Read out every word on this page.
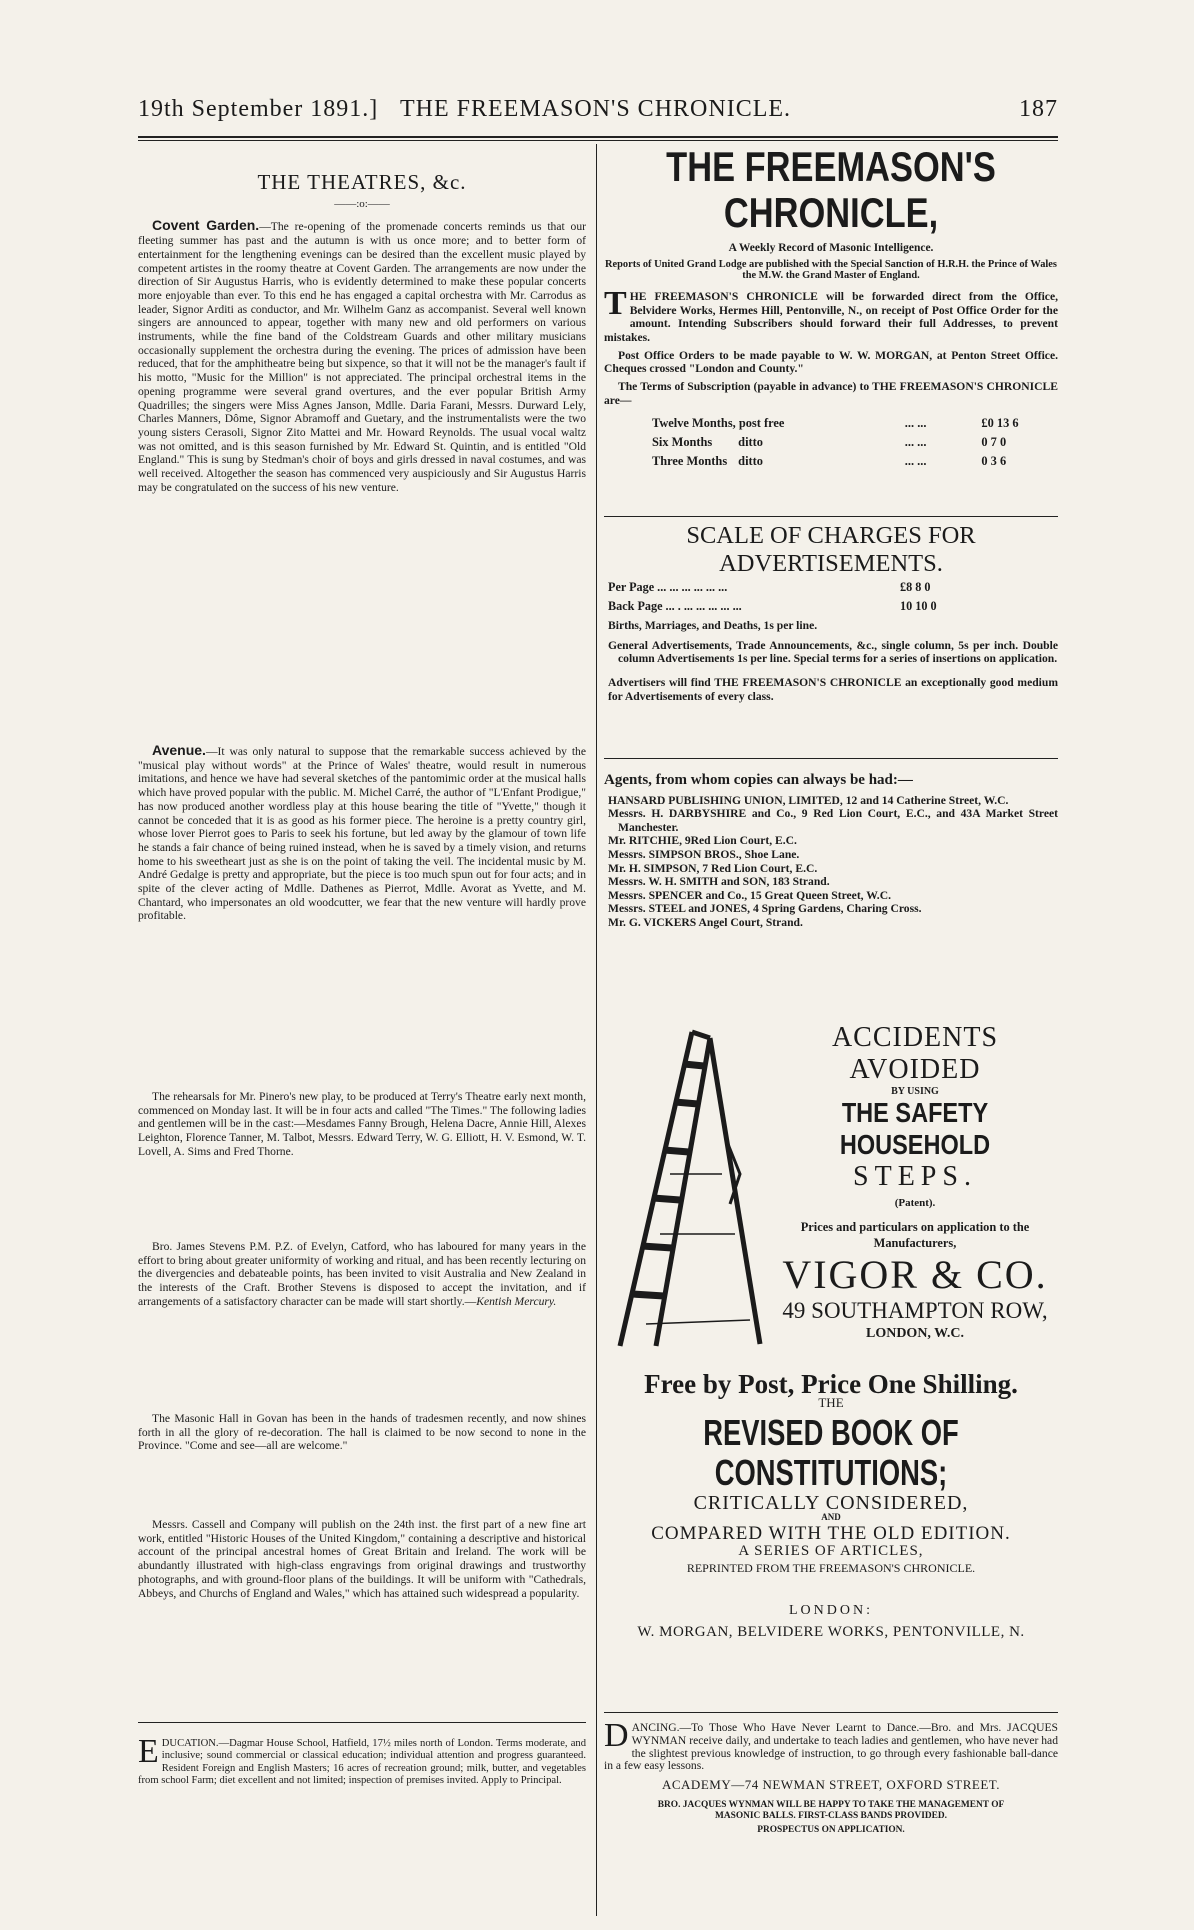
19th September 1891.] THE FREEMASON'S CHRONICLE.	187
THE THEATRES, &c.
——:o:——

Covent Garden.—The re-opening of the promenade concerts reminds us that our fleeting summer has past and the autumn is with us once more; and to better form of entertainment for the lengthening evenings can be desired than the excellent music played by competent artistes in the roomy theatre at Covent Garden. The arrangements are now under the direction of Sir Augustus Harris, who is evidently determined to make these popular concerts more enjoyable than ever. To this end he has engaged a capital orchestra with Mr. Carrodus as leader, Signor Arditi as conductor, and Mr. Wilhelm Ganz as accompanist. Several well known singers are announced to appear, together with many new and old performers on various instruments, while the fine band of the Coldstream Guards and other military musicians occasionally supplement the orchestra during the evening. The prices of admission have been reduced, that for the amphitheatre being but sixpence, so that it will not be the manager's fault if his motto, "Music for the Million" is not appreciated. The principal orchestral items in the opening programme were several grand overtures, and the ever popular British Army Quadrilles; the singers were Miss Agnes Janson, Mdlle. Daria Farani, Messrs. Durward Lely, Charles Manners, Dôme, Signor Abramoff and Guetary, and the instrumentalists were the two young sisters Cerasoli, Signor Zito Mattei and Mr. Howard Reynolds. The usual vocal waltz was not omitted, and is this season furnished by Mr. Edward St. Quintin, and is entitled "Old England." This is sung by Stedman's choir of boys and girls dressed in naval costumes, and was well received. Altogether the season has commenced very auspiciously and Sir Augustus Harris may be congratulated on the success of his new venture.

Avenue.—It was only natural to suppose that the remarkable success achieved by the "musical play without words" at the Prince of Wales' theatre, would result in numerous imitations, and hence we have had several sketches of the pantomimic order at the musical halls which have proved popular with the public. M. Michel Carré, the author of "L'Enfant Prodigue," has now produced another wordless play at this house bearing the title of "Yvette," though it cannot be conceded that it is as good as his former piece. The heroine is a pretty country girl, whose lover Pierrot goes to Paris to seek his fortune, but led away by the glamour of town life he stands a fair chance of being ruined instead, when he is saved by a timely vision, and returns home to his sweetheart just as she is on the point of taking the veil. The incidental music by M. André Gedalge is pretty and appropriate, but the piece is too much spun out for four acts; and in spite of the clever acting of Mdlle. Dathenes as Pierrot, Mdlle. Avorat as Yvette, and M. Chantard, who impersonates an old woodcutter, we fear that the new venture will hardly prove profitable.

The rehearsals for Mr. Pinero's new play, to be produced at Terry's Theatre early next month, commenced on Monday last. It will be in four acts and called "The Times." The following ladies and gentlemen will be in the cast:—Mesdames Fanny Brough, Helena Dacre, Annie Hill, Alexes Leighton, Florence Tanner, M. Talbot, Messrs. Edward Terry, W. G. Elliott, H. V. Esmond, W. T. Lovell, A. Sims and Fred Thorne.

Bro. James Stevens P.M. P.Z. of Evelyn, Catford, who has laboured for many years in the effort to bring about greater uniformity of working and ritual, and has been recently lecturing on the divergencies and debateable points, has been invited to visit Australia and New Zealand in the interests of the Craft. Brother Stevens is disposed to accept the invitation, and if arrangements of a satisfactory character can be made will start shortly.—Kentish Mercury.

The Masonic Hall in Govan has been in the hands of tradesmen recently, and now shines forth in all the glory of re-decoration. The hall is claimed to be now second to none in the Province. "Come and see—all are welcome."

Messrs. Cassell and Company will publish on the 24th inst. the first part of a new fine art work, entitled "Historic Houses of the United Kingdom," containing a descriptive and historical account of the principal ancestral homes of Great Britain and Ireland. The work will be abundantly illustrated with high-class engravings from original drawings and trustworthy photographs, and with ground-floor plans of the buildings. It will be uniform with "Cathedrals, Abbeys, and Churchs of England and Wales," which has attained such widespread a popularity.

EDUCATION.—Dagmar House School, Hatfield, 17½ miles north of London. Terms moderate, and inclusive; sound commercial or classical education; individual attention and progress guaranteed. Resident Foreign and English Masters; 16 acres of recreation ground; milk, butter, and vegetables from school Farm; diet excellent and not limited; inspection of premises invited. Apply to Principal.

THE FREEMASON'S CHRONICLE,
A Weekly Record of Masonic Intelligence.
Reports of United Grand Lodge are published with the Special Sanction of H.R.H. the Prince of Wales the M.W. the Grand Master of England.

THE FREEMASON'S CHRONICLE will be forwarded direct from the Office, Belvidere Works, Hermes Hill, Pentonville, N., on receipt of Post Office Order for the amount. Intending Subscribers should forward their full Addresses, to prevent mistakes.

Post Office Orders to be made payable to W. W. MORGAN, at Penton Street Office. Cheques crossed "London and County."

The Terms of Subscription (payable in advance) to THE FREEMASON'S CHRONICLE are—

Twelve Months, post free	... ...	£0 13 6
Six Months	ditto	... ...	0 7 0
Three Months ditto	... ...	0 3 6
SCALE OF CHARGES FOR ADVERTISEMENTS.
Per Page ... ... ... ... ... ...	£8 8 0
Back Page ... . ... ... ... ... ...	10 10 0

Births, Marriages, and Deaths, 1s per line.

General Advertisements, Trade Announcements, &c., single column, 5s per inch. Double column Advertisements 1s per line. Special terms for a series of insertions on application.

Advertisers will find THE FREEMASON'S CHRONICLE an exceptionally good medium for Advertisements of every class.

Agents, from whom copies can always be had:—

HANSARD PUBLISHING UNION, LIMITED, 12 and 14 Catherine Street, W.C.

Messrs. H. DARBYSHIRE and Co., 9 Red Lion Court, E.C., and 43A Market Street Manchester.

Mr. RITCHIE, 9Red Lion Court, E.C.

Messrs. SIMPSON BROS., Shoe Lane.

Mr. H. SIMPSON, 7 Red Lion Court, E.C.

Messrs. W. H. SMITH and SON, 183 Strand.

Messrs. SPENCER and Co., 15 Great Queen Street, W.C.

Messrs. STEEL and JONES, 4 Spring Gardens, Charing Cross.

Mr. G. VICKERS Angel Court, Strand.

ACCIDENTS AVOIDED
BY USING
THE SAFETY HOUSEHOLD
STEPS.
(Patent).
Prices and particulars on application to the Manufacturers,
VIGOR & CO.
49 SOUTHAMPTON ROW,
LONDON, W.C.
Free by Post, Price One Shilling.
THE
REVISED BOOK OF CONSTITUTIONS;
CRITICALLY CONSIDERED,
AND
COMPARED WITH THE OLD EDITION.
A SERIES OF ARTICLES,
REPRINTED FROM THE FREEMASON'S CHRONICLE.
LONDON:
W. MORGAN, BELVIDERE WORKS, PENTONVILLE, N.

DANCING.—To Those Who Have Never Learnt to Dance.—Bro. and Mrs. JACQUES WYNMAN receive daily, and undertake to teach ladies and gentlemen, who have never had the slightest previous knowledge of instruction, to go through every fashionable ball-dance in a few easy lessons.

ACADEMY—74 NEWMAN STREET, OXFORD STREET.
BRO. JACQUES WYNMAN WILL BE HAPPY TO TAKE THE MANAGEMENT OF MASONIC BALLS. FIRST-CLASS BANDS PROVIDED.
PROSPECTUS ON APPLICATION.
